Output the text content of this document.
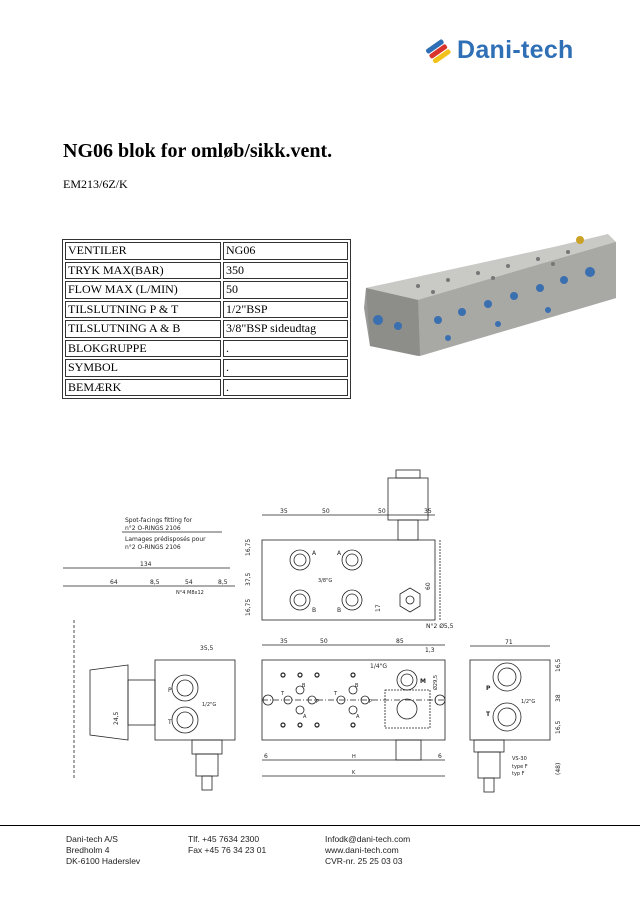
Dani-tech
NG06 blok for omløb/sikk.vent.
EM213/6Z/K
VENTILER	NG06
TRYK MAX(BAR)	350
FLOW MAX (L/MIN)	50
TILSLUTNING P & T	1/2"BSP
TILSLUTNING A & B	3/8"BSP sideudtag
BLOKGRUPPE	.
SYMBOL	.
BEMÆRK	.
35	50	50	35
16,75
37,5
16,75
60
17
A	A
B	B
3/8"G
N°2 Ø5,5
Spot-facings fitting for
n°2 O-RINGS 2106
Lamages prédisposés pour
n°2 O-RINGS 2106
134
64	8,5	54	8,5
N°4 M8x12
35,5
P
T
1/2"G
24,5
35	50	85
1,3
1/4"G
M Ø29,5
B	B
A	A
P	P
T	T
6	6
H
K
71
P
T
1/2"G
16,5
38
16,5
VS-30
type F
typ F	(48)
Dani-tech A/S
Bredholm 4
DK-6100 Haderslev
Tlf. +45 7634 2300
Fax +45 76 34 23 01
Infodk@dani-tech.com
www.dani-tech.com
CVR-nr. 25 25 03 03
